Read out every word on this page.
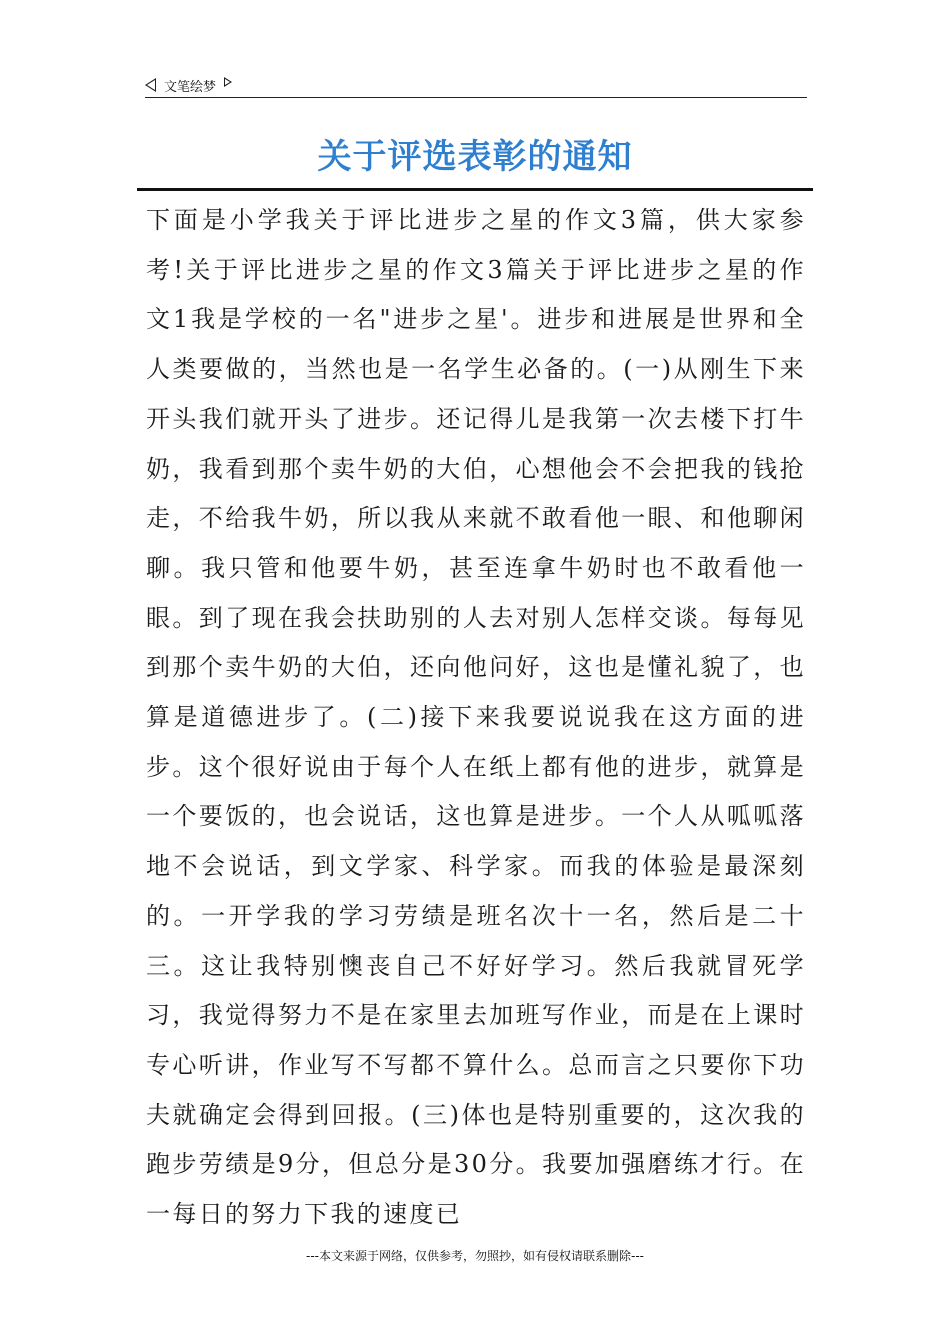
文笔绘梦
关于评选表彰的通知

下面是小学我关于评比进步之星的作文3篇，供大家参考!关于评比进步之星的作文3篇关于评比进步之星的作文1我是学校的一名"进步之星'。进步和进展是世界和全人类要做的，当然也是一名学生必备的。(一)从刚生下来开头我们就开头了进步。还记得儿是我第一次去楼下打牛奶，我看到那个卖牛奶的大伯，心想他会不会把我的钱抢走，不给我牛奶，所以我从来就不敢看他一眼、和他聊闲聊。我只管和他要牛奶，甚至连拿牛奶时也不敢看他一眼。到了现在我会扶助别的人去对别人怎样交谈。每每见到那个卖牛奶的大伯，还向他问好，这也是懂礼貌了，也算是道德进步了。(二)接下来我要说说我在这方面的进步。这个很好说由于每个人在纸上都有他的进步，就算是一个要饭的，也会说话，这也算是进步。一个人从呱呱落地不会说话，到文学家、科学家。而我的体验是最深刻的。一开学我的学习劳绩是班名次十一名，然后是二十三。这让我特别懊丧自己不好好学习。然后我就冒死学习，我觉得努力不是在家里去加班写作业，而是在上课时专心听讲，作业写不写都不算什么。总而言之只要你下功夫就确定会得到回报。(三)体也是特别重要的，这次我的跑步劳绩是9分，但总分是30分。我要加强磨练才行。在一每日的努力下我的速度已

---本文来源于网络，仅供参考，勿照抄，如有侵权请联系删除---
